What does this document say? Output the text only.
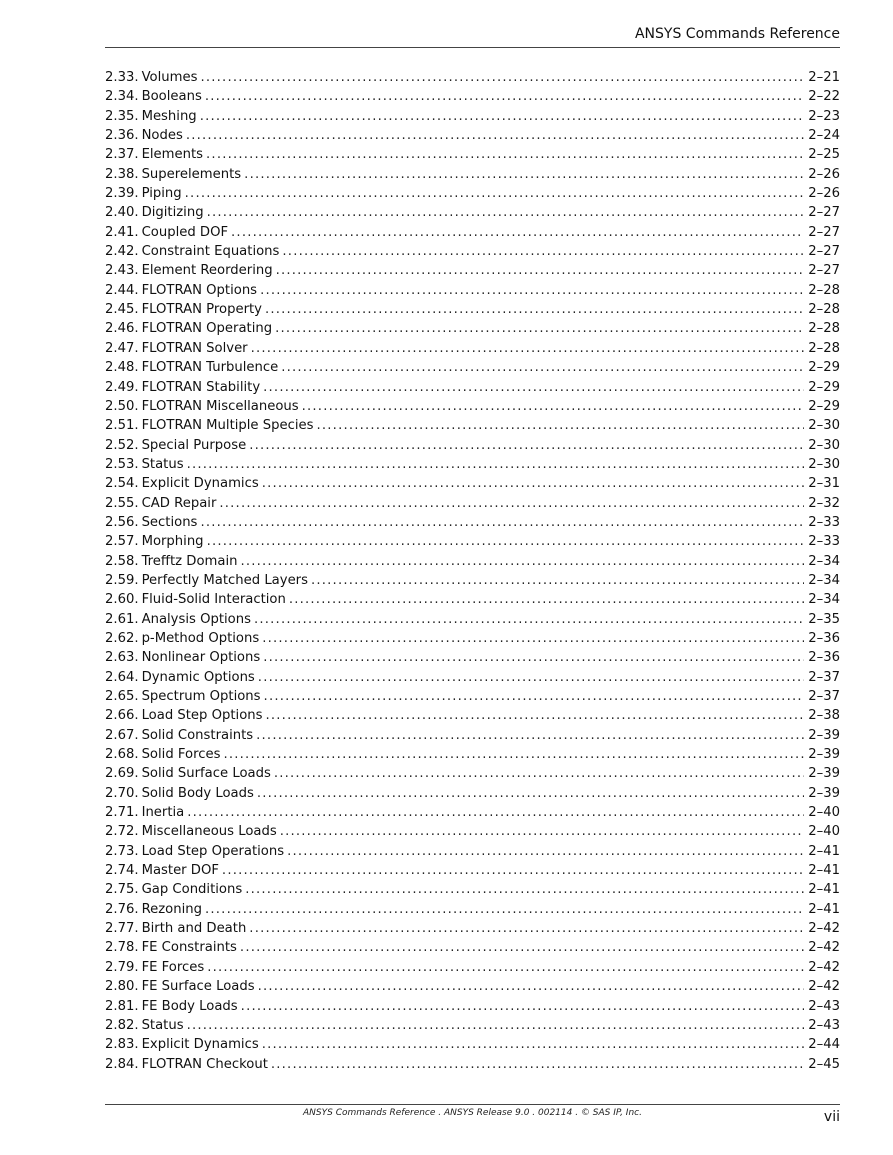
ANSYS Commands Reference
2.33. Volumes .....	2–21
2.34. Booleans .....	2–22
2.35. Meshing .....	2–23
2.36. Nodes .....	2–24
2.37. Elements .....	2–25
2.38. Superelements .....	2–26
2.39. Piping .....	2–26
2.40. Digitizing .....	2–27
2.41. Coupled DOF .....	2–27
2.42. Constraint Equations .....	2–27
2.43. Element Reordering .....	2–27
2.44. FLOTRAN Options .....	2–28
2.45. FLOTRAN Property .....	2–28
2.46. FLOTRAN Operating .....	2–28
2.47. FLOTRAN Solver .....	2–28
2.48. FLOTRAN Turbulence .....	2–29
2.49. FLOTRAN Stability .....	2–29
2.50. FLOTRAN Miscellaneous .....	2–29
2.51. FLOTRAN Multiple Species .....	2–30
2.52. Special Purpose .....	2–30
2.53. Status .....	2–30
2.54. Explicit Dynamics .....	2–31
2.55. CAD Repair .....	2–32
2.56. Sections .....	2–33
2.57. Morphing .....	2–33
2.58. Trefftz Domain .....	2–34
2.59. Perfectly Matched Layers .....	2–34
2.60. Fluid-Solid Interaction .....	2–34
2.61. Analysis Options .....	2–35
2.62. p-Method Options .....	2–36
2.63. Nonlinear Options .....	2–36
2.64. Dynamic Options .....	2–37
2.65. Spectrum Options .....	2–37
2.66. Load Step Options .....	2–38
2.67. Solid Constraints .....	2–39
2.68. Solid Forces .....	2–39
2.69. Solid Surface Loads .....	2–39
2.70. Solid Body Loads .....	2–39
2.71. Inertia .....	2–40
2.72. Miscellaneous Loads .....	2–40
2.73. Load Step Operations .....	2–41
2.74. Master DOF .....	2–41
2.75. Gap Conditions .....	2–41
2.76. Rezoning .....	2–41
2.77. Birth and Death .....	2–42
2.78. FE Constraints .....	2–42
2.79. FE Forces .....	2–42
2.80. FE Surface Loads .....	2–42
2.81. FE Body Loads .....	2–43
2.82. Status .....	2–43
2.83. Explicit Dynamics .....	2–44
2.84. FLOTRAN Checkout .....	2–45
ANSYS Commands Reference . ANSYS Release 9.0 . 002114 . © SAS IP, Inc.	vii
